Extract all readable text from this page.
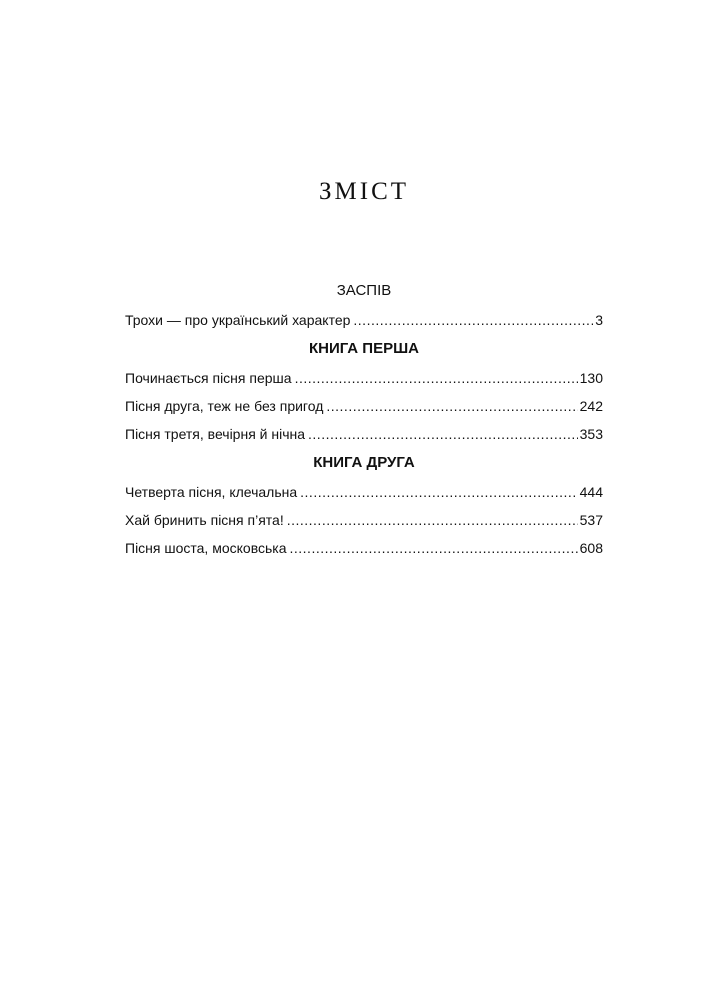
ЗМІСТ
ЗАСПІВ
Трохи — про український характер .....	3
КНИГА ПЕРША
Починається пісня перша .....	130
Пісня друга, теж не без пригод .....	242
Пісня третя, вечірня й нічна .....	353
КНИГА ДРУГА
Четверта пісня, клечальна .....	444
Хай бринить пісня п’ята! .....	537
Пісня шоста, московська .....	608
